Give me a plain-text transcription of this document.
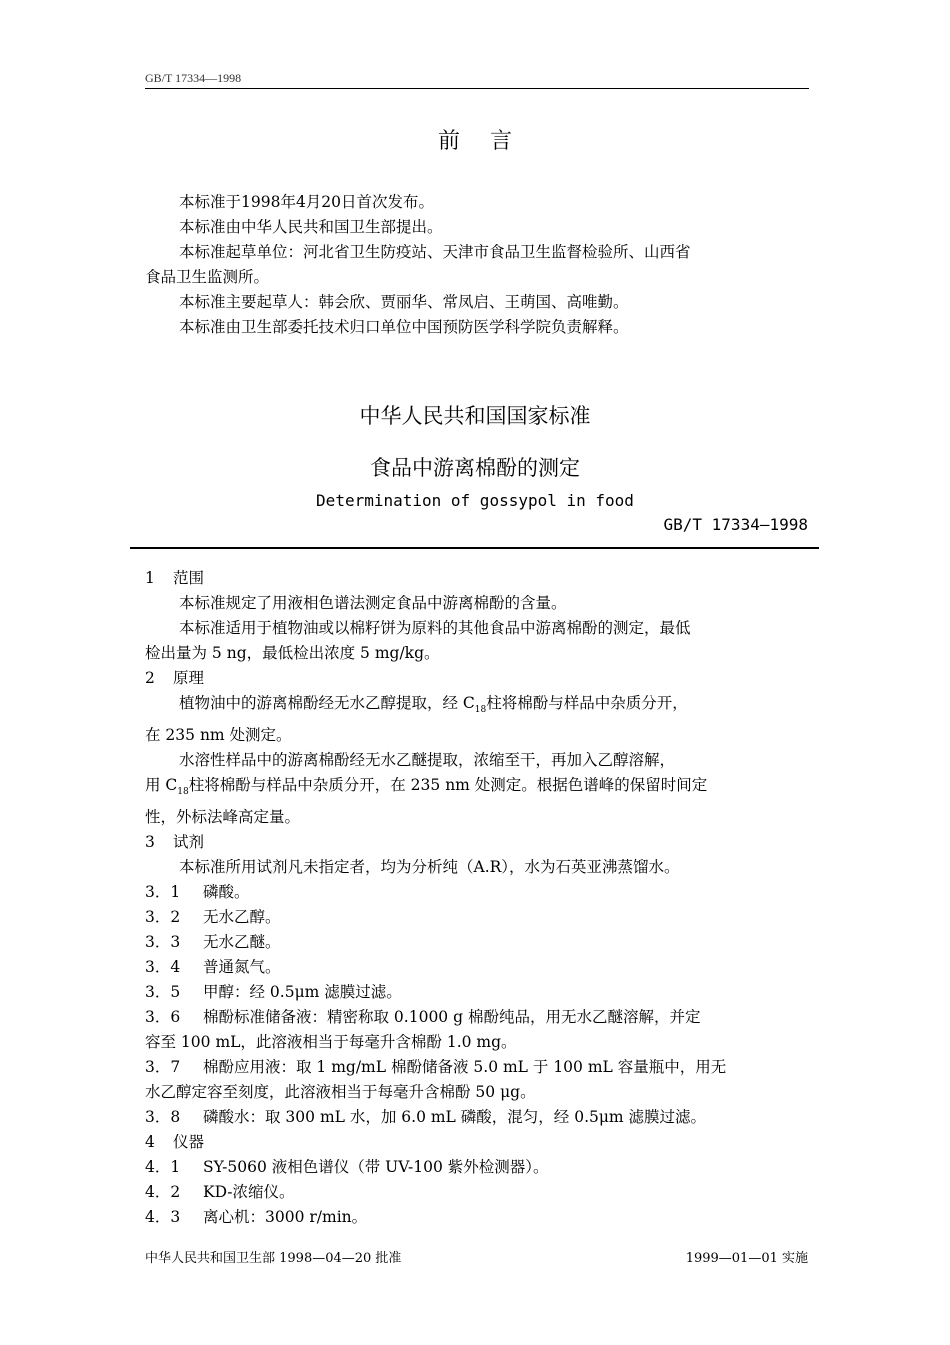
GB/T 17334—1998
前言
本标准于1998年4月20日首次发布。
本标准由中华人民共和国卫生部提出。
本标准起草单位：河北省卫生防疫站、天津市食品卫生监督检验所、山西省
食品卫生监测所。
本标准主要起草人：韩会欣、贾丽华、常凤启、王萌国、高唯勤。
本标准由卫生部委托技术归口单位中国预防医学科学院负责解释。
中华人民共和国国家标准
食品中游离棉酚的测定
Determination of gossypol in food
GB/T 17334—1998
1 范围
本标准规定了用液相色谱法测定食品中游离棉酚的含量。
本标准适用于植物油或以棉籽饼为原料的其他食品中游离棉酚的测定，最低
检出量为 5 ng，最低检出浓度 5 mg/kg。
2 原理
植物油中的游离棉酚经无水乙醇提取，经 $C_{18}$柱将棉酚与样品中杂质分开，
在 235 nm 处测定。
水溶性样品中的游离棉酚经无水乙醚提取，浓缩至干，再加入乙醇溶解，
用 $C_{18}$柱将棉酚与样品中杂质分开，在 235 nm 处测定。根据色谱峰的保留时间定
性，外标法峰高定量。
3 试剂
本标准所用试剂凡未指定者，均为分析纯（A.R），水为石英亚沸蒸馏水。
3．1 磷酸。
3．2 无水乙醇。
3．3 无水乙醚。
3．4 普通氮气。
3．5 甲醇：经 0.5μm 滤膜过滤。
3．6 棉酚标准储备液：精密称取 0.1000 g 棉酚纯品，用无水乙醚溶解，并定
容至 100 mL，此溶液相当于每毫升含棉酚 1.0 mg。
3．7 棉酚应用液：取 1 mg/mL 棉酚储备液 5.0 mL 于 100 mL 容量瓶中，用无
水乙醇定容至刻度，此溶液相当于每毫升含棉酚 50 μg。
3．8 磷酸水：取 300 mL 水，加 6.0 mL 磷酸，混匀，经 0.5μm 滤膜过滤。
4 仪器
4．1 SY-5060 液相色谱仪（带 UV-100 紫外检测器）。
4．2 KD-浓缩仪。
4．3 离心机：3000 r/min。
中华人民共和国卫生部 1998—04—20 批准	1999—01—01 实施
